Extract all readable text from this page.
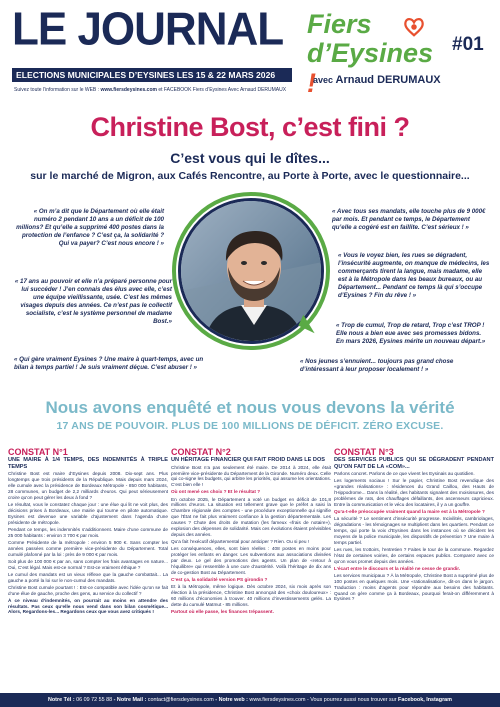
LE JOURNAL
ELECTIONS MUNICIPALES D’EYSINES LES 15 & 22 MARS 2026
Suivez toute l’information sur le WEB : www.fiersdeysines.com et FACEBOOK Fiers d’Eysines Avec Arnaud DERUMAUX
Fiers
d’Eysines !
avec Arnaud DERUMAUX
#01
Christine Bost, c’est fini ?
C’est vous qui le dîtes...
sur le marché de Migron, aux Cafés Rencontre, au Porte à Porte, avec le questionnaire...
« On m’a dit que le Département où elle était numéro 2 pendant 10 ans a un déficit de 100 millions? Et qu’elle a supprimé 400 postes dans la protection de l’enfance ? C’est ça, la solidarité ? Qui va payer? C’est nous encore ! »
« 17 ans au pouvoir et elle n’a préparé personne pour lui succéder ! J’en connais des élus avec elle, c’est une équipe vieillissante, usée. C’est les mêmes visages depuis des années. Ce n’est pas le collectif socialiste, c’est le système personnel de madame Bost.»
« Qui gère vraiment Eysines ? Une maire à quart-temps, avec un bilan à temps partiel ! Je suis vraiment déçue. C’est abuser ! »
« Avec tous ses mandats, elle touche plus de 9 000€ par mois. Et pendant ce temps, le Département qu’elle a cogéré est en faillite. C’est sérieux ! »
« Vous le voyez bien, les rues se dégradent, l’insécurité augmente, on manque de médecins, les commerçants tirent la langue, mais madame, elle est à la Métropole dans les beaux bureaux, ou au Département... Pendant ce temps là qui s’occupe d’Eysines ? Fin du rêve ! »
« Trop de cumul, Trop de retard, Trop c’est TROP ! Elle nous a bien eue avec ses promesses bidons. En mars 2026, Eysines mérite un nouveau départ.»
« Nos jeunes s’ennuient... toujours pas grand chose d’intéressant à leur proposer localement ! »
Nous avons enquêté et nous vous devons la vérité
17 ANS DE POUVOIR. PLUS DE 100 MILLIONS DE DÉFICIT. ZÉRO EXCUSE.
CONSTAT N°1
UNE MAIRE À 1/4 TEMPS, DES INDEMNITÉS À TRIPLE TEMPS

Christine Bost est maire d’Eysines depuis 2008. Dix-sept ans. Plus longtemps que trois présidents de la République. Mais depuis mars 2024, elle cumule avec la présidence de Bordeaux Métropole - 850 000 habitants, 28 communes, un budget de 2,2 milliards d’euros. Qui peut sérieusement croire qu’on peut gérer les deux à fond ?

Le résultat, vous le constatez chaque jour : une élue qui lit ne voit plus, des décisions prises à Bordeaux, une mairie qui tourne en pilote automatique. Eysines est devenue une variable d’ajustement dans l’agenda d’une présidente de métropole.

Pendant ce temps, les indemnités s’additionnent. Maire d’une commune de 25 000 habitants : environ 3 700 € par mois.

Comme Présidente de la métropole : environ 5 900 €. Sans compter les années passées comme première vice-présidente du Département. Total cumulé plafonné par la loi : près de 9 000 € par mois.

Soit plus de 100 000 € par an, sans compter les frais avantages en nature... Oui, C’est légal. Mais est-ce normal ? Est-ce vraiment éthique ?

Le cumul des mandats est un vieux réflexe que la gauche combattait... La gauche a porté la loi sur le non-cumul des mandats.

Christine Bost cumule pourtant ! : Est-ce compatible avec l’idée qu’on se fait d’une élue de gauche, proche des gens, au service du collectif ?

À ce niveau d’indemnités, on pourrait au moins en attendre des résultats. Pas ceux qu’elle nous vend dans son bilan cosmétique... Alors, Regardons-les... Regardons ceux que vous avez critiqués !

CONSTAT N°2
UN HÉRITAGE FINANCIER QUI FAIT FROID DANS LE DOS

Christine Bost n’a pas seulement été maire. De 2014 à 2024, elle était première vice-présidente du Département de la Gironde. Numéro deux. Celle qui co-signe les budgets, qui arbitre les priorités, qui assume les orientations. C’est bien elle !

Où ont mené ces choix ? Et le résultat ?

En octobre 2025, le Département a voté un budget en déficit de 101,8 millions d’euros. La situation est tellement grave que le préfet a saisi la Chambre régionale des comptes - une procédure exceptionnelle qui signifie que l’État ne fait plus vraiment confiance à la gestion départementale. Les causes ? Chute des droits de mutation (les fameux «frais de notaire»), explosion des dépenses de solidarité. Mais ces évolutions étaient prévisibles depuis des années.

Qu’a fait l’exécutif départemental pour anticiper ? Rien. Ou si peu !

Les conséquences, elles, sont bien réelles : 408 postes en moins pour protéger les enfants en danger. Les subventions aux associations divisées par deux. Le gel des promotions des agents. Un plan de «retour à l’équilibre» qui ressemble à une cure d’austérité. Voilà l’héritage de dix ans de co-gestion Bost au Département.

C’est ça, la solidarité version PS girondin ?

Et à la Métropole, même logique. Dès octobre 2024, six mois après son élection à la présidence, Christine Bost annonçait des «choix douloureux» : 60 millions d’économies à trouver. 40 millions d’investissements gelés. La dette du cumulé Matmut - 85 millions.

Partout où elle passe, les finances trépassent.

CONSTAT N°3
DES SERVICES PUBLICS QUI SE DÉGRADENT PENDANT QU’ON FAIT DE LA «COM»...

Parlons concret. Parlons de ce que vivent les Eysinais au quotidien.

Les logements sociaux ! Sur le papier, Christine Bost revendique des «grandes réalisations» : résidences du Grand Caillou, des Hauts de l’Hippodrome... Dans la réalité, des habitants signalent des moisissures, des problèmes de rats, des chauffages défaillants, des ascenseurs capricieux. Entre la communication et le vécu des locataires, il y a un gouffre.

Qu’a-t-elle préoccupée vraiment quand la maire est à la Métropole ?

La sécurité ? Le sentiment d’insécurité progresse. Incivilités, cambriolages, dégradations - les témoignages se multiplient dans les quartiers. Pendant ce temps, qui porte la voix d’Eysines dans les instances où se décident les moyens de la police municipale, les dispositifs de prévention ? Une maire à temps partiel.

Les rues, les trottoirs, l’entretien ? Faites le tour de la commune. Regardez l’état de certaines voiries, de certains espaces publics. Comparez avec ce qu’on vous promet depuis des années.

L’écart entre le discours et la réalité ne cesse de grandir.

Les services municipaux ? À la Métropole, Christine Bost a supprimé plus de 100 postes en quelques mois. Une «rationalisation», dit-on dans le jargon. Traduction : moins d’agents pour répondre aux besoins des habitants. Quand on gère comme ça à Bordeaux, pourquoi ferait-on différemment à Eysines ?

Notre Tél : 06 09 72 55 88 - Notre Mail : contact@fiersdeysines.com - Notre web : www.fiersdeysines.com - Vous pourrez aussi nous trouver sur Facebook, Instagram
